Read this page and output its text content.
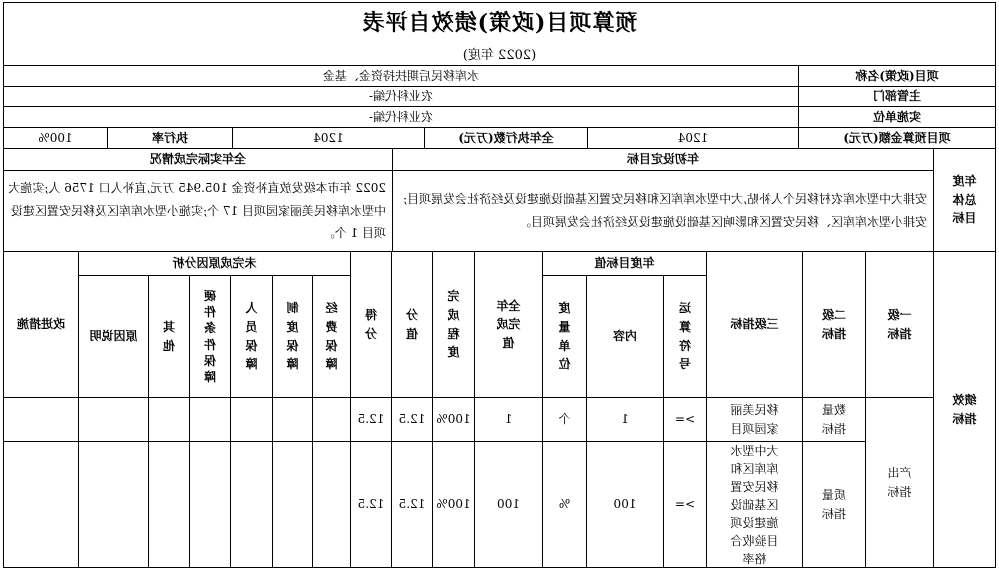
预算项目(政策)绩效自评表
(2022 年度)
项目(政策)名称
水库移民后期扶持资金、基金
主管部门
农业科代编-
实施单位
农业科代编-
项目预算金额(万元)
1204
全年执行数(万元)
1204
执行率
100%
年度
总体
目标
年初设定目标
全年实际完成情况
安排大中型水库农村移民个人补贴,大中型水库库区和移民安置区基础设施建设及经济社会发展项目;安排小型水库库区、移民安置区和影响区基础设施建设及经济社会发展项目。
2022 年市本级发放直补资金 105.945 万元,直补人口 1756 人;实施大中型水库移民美丽家园项目 17 个;实施小型水库库区及移民安置区建设项目 1 个。
绩效
指标
一级
指标
二级
指标
三级指标
年度目标值
运
算
符
号
内容
度
量
单
位
全年
完成
值
完
成
程
度
分
值
得
分
未完成原因分析
经
费
保
障
制
度
保
障
人
员
保
障
硬
件
条
件
保
障
其
他
原因说明
改进措施
产出
指标
数量
指标
移民美丽
家园项目
>=
1
个
1
100%
12.5
12.5
质量
指标
大中型水
库库区和
移民安置
区基础设
施建设项
目验收合
格率
>=
100
%
100
100%
12.5
12.5
